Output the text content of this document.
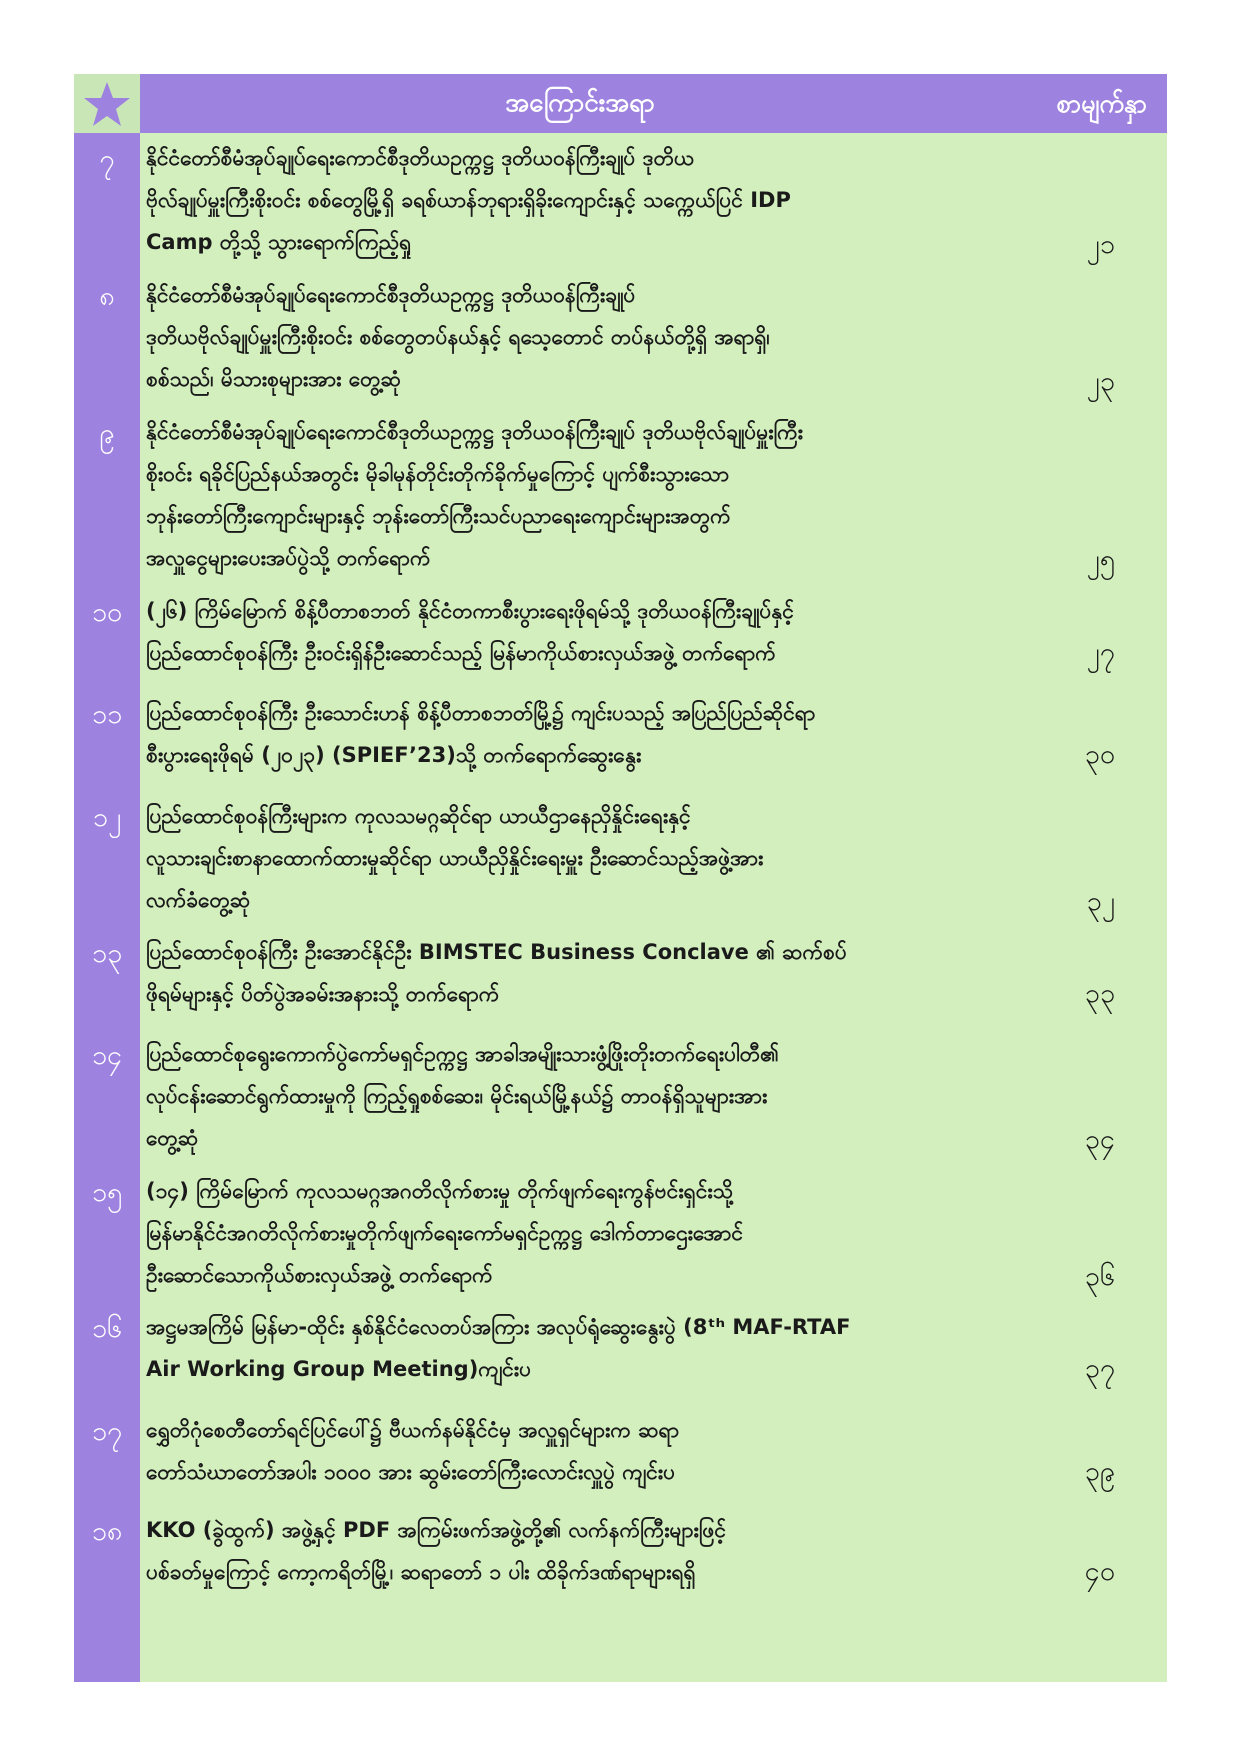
အကြောင်းအရာ	စာမျက်နှာ
၇	နိုင်ငံတော်စီမံအုပ်ချုပ်ရေးကောင်စီဒုတိယဥက္ကဋ္ဌ ဒုတိယဝန်ကြီးချုပ် ဒုတိယ
ဗိုလ်ချုပ်မှူးကြီးစိုးဝင်း စစ်တွေမြို့ရှိ ခရစ်ယာန်ဘုရားရှိခိုးကျောင်းနှင့် သက္ကေယ်ပြင် IDP
Camp တို့သို့ သွားရောက်ကြည့်ရှု	၂၁
၈	နိုင်ငံတော်စီမံအုပ်ချုပ်ရေးကောင်စီဒုတိယဥက္ကဋ္ဌ ဒုတိယဝန်ကြီးချုပ်
ဒုတိယဗိုလ်ချုပ်မှူးကြီးစိုးဝင်း စစ်တွေတပ်နယ်နှင့် ရသေ့တောင် တပ်နယ်တို့ရှိ အရာရှိ၊
စစ်သည်၊ မိသားစုများအား တွေ့ဆုံ	၂၃
၉	နိုင်ငံတော်စီမံအုပ်ချုပ်ရေးကောင်စီဒုတိယဥက္ကဋ္ဌ ဒုတိယဝန်ကြီးချုပ် ဒုတိယဗိုလ်ချုပ်မှူးကြီး
စိုးဝင်း ရခိုင်ပြည်နယ်အတွင်း မိုခါမုန်တိုင်းတိုက်ခိုက်မှုကြောင့် ပျက်စီးသွားသော
ဘုန်းတော်ကြီးကျောင်းများနှင့် ဘုန်းတော်ကြီးသင်ပညာရေးကျောင်းများအတွက်
အလှူငွေများပေးအပ်ပွဲသို့ တက်ရောက်	၂၅
၁၀	(၂၆) ကြိမ်မြောက် စိန့်ပီတာစဘတ် နိုင်ငံတကာစီးပွားရေးဖိုရမ်သို့ ဒုတိယဝန်ကြီးချုပ်နှင့်
ပြည်ထောင်စုဝန်ကြီး ဦးဝင်းရှိန်ဦးဆောင်သည့် မြန်မာကိုယ်စားလှယ်အဖွဲ့ တက်ရောက်	၂၇
၁၁	ပြည်ထောင်စုဝန်ကြီး ဦးသောင်းဟန် စိန့်ပီတာစဘတ်မြို့၌ ကျင်းပသည့် အပြည်ပြည်ဆိုင်ရာ
စီးပွားရေးဖိုရမ် (၂၀၂၃) (SPIEF’23)သို့ တက်ရောက်ဆွေးနွေး	၃၀
၁၂	ပြည်ထောင်စုဝန်ကြီးများက ကုလသမဂ္ဂဆိုင်ရာ ယာယီဌာနေညှိနှိုင်းရေးနှင့်
လူသားချင်းစာနာထောက်ထားမှုဆိုင်ရာ ယာယီညှိနှိုင်းရေးမှူး ဦးဆောင်သည့်အဖွဲ့အား
လက်ခံတွေ့ဆုံ	၃၂
၁၃	ပြည်ထောင်စုဝန်ကြီး ဦးအောင်နိုင်ဦး BIMSTEC Business Conclave ၏ ဆက်စပ်
ဖိုရမ်များနှင့် ပိတ်ပွဲအခမ်းအနားသို့ တက်ရောက်	၃၃
၁၄	ပြည်ထောင်စုရွေးကောက်ပွဲကော်မရှင်ဥက္ကဋ္ဌ အာခါအမျိုးသားဖွံ့ဖြိုးတိုးတက်ရေးပါတီ၏
လုပ်ငန်းဆောင်ရွက်ထားမှုကို ကြည့်ရှုစစ်ဆေး၊ မိုင်းရယ်မြို့နယ်၌ တာဝန်ရှိသူများအား
တွေ့ဆုံ	၃၄
၁၅	(၁၄) ကြိမ်မြောက် ကုလသမဂ္ဂအဂတိလိုက်စားမှု တိုက်ဖျက်ရေးကွန်ဗင်းရှင်းသို့
မြန်မာနိုင်ငံအဂတိလိုက်စားမှုတိုက်ဖျက်ရေးကော်မရှင်ဥက္ကဋ္ဌ ဒေါက်တာဌေးအောင်
ဦးဆောင်သောကိုယ်စားလှယ်အဖွဲ့ တက်ရောက်	၃၆
၁၆	အဋ္ဌမအကြိမ် မြန်မာ-ထိုင်း နှစ်နိုင်ငံလေတပ်အကြား အလုပ်ရုံဆွေးနွေးပွဲ (8ᵗʰ MAF-RTAF
Air Working Group Meeting)ကျင်းပ	၃၇
၁၇	ရွှေတိဂုံစေတီတော်ရင်ပြင်ပေါ်၌ ဗီယက်နမ်နိုင်ငံမှ အလှူရှင်များက ဆရာ
တော်သံဃာတော်အပါး ၁၀၀၀ အား ဆွမ်းတော်ကြီးလောင်းလှူပွဲ ကျင်းပ	၃၉
၁၈	KKO (ခွဲထွက်) အဖွဲ့နှင့် PDF အကြမ်းဖက်အဖွဲ့တို့၏ လက်နက်ကြီးများဖြင့်
ပစ်ခတ်မှုကြောင့် ကော့ကရိတ်မြို့၊ ဆရာတော် ၁ ပါး ထိခိုက်ဒဏ်ရာများရရှိ	၄၀
